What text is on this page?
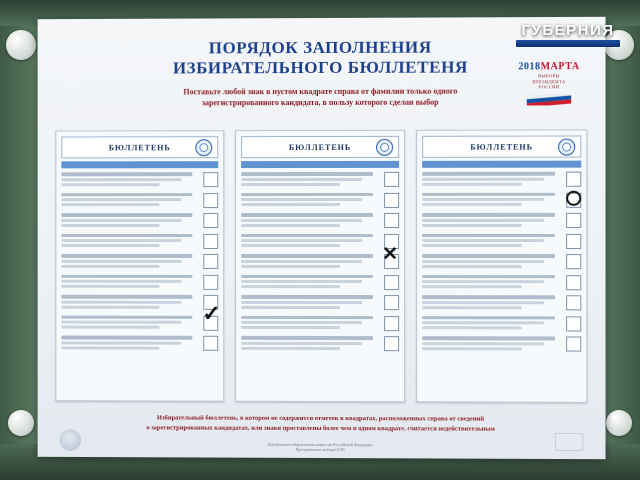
ПОРЯДОК ЗАПОЛНЕНИЯ
ИЗБИРАТЕЛЬНОГО БЮЛЛЕТЕНЯ
Поставьте любой знак в пустом квадрате справа от фамилии только одного
зарегистрированного кандидата, в пользу которого сделан выбор
2018МАРТА
ВЫБОРЫ
ПРЕЗИДЕНТА
РОССИИ
БЮЛЛЕТЕНЬ
✓
БЮЛЛЕТЕНЬ
✕
БЮЛЛЕТЕНЬ
Избирательный бюллетень, в котором не содержится отметок в квадратах, расположенных справа от сведений
о зарегистрированных кандидатах, или знаки проставлены более чем в одном квадрате, считается недействительным
Центральная избирательная комиссия Российской Федерации
Президентские выборы 2018
ГУБЕРНИЯ
